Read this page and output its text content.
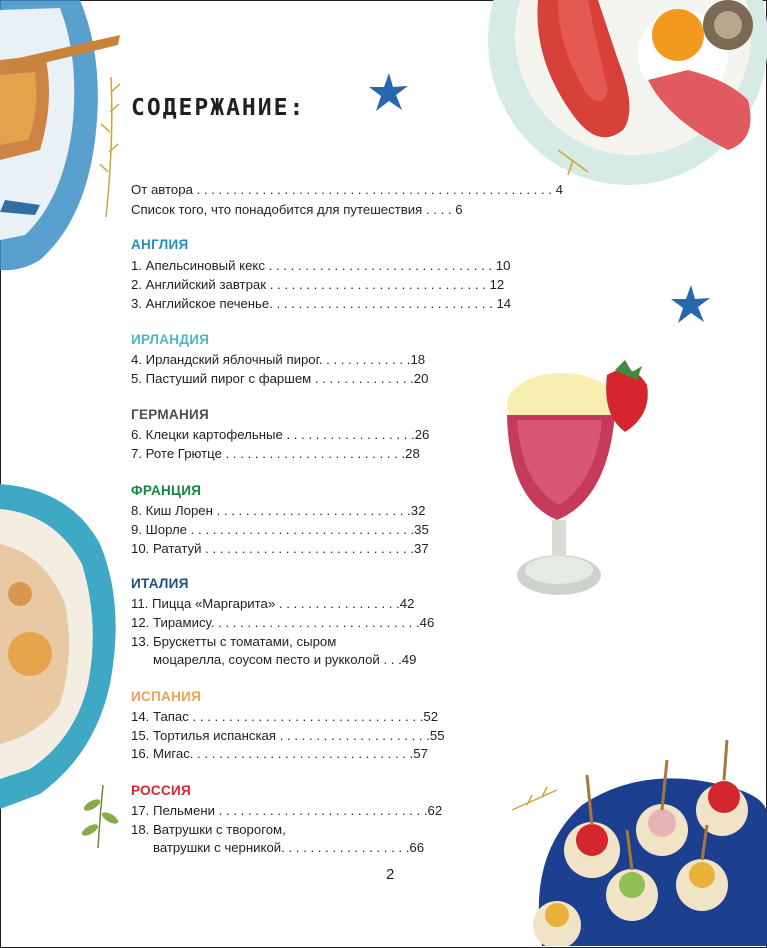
СОДЕРЖАНИЕ:
От автора . . . . . . . . . . . . . . . . . . . . . . . . . . . . . . . . . . . . . . . . . . . . . . . . . 4
Список того, что понадобится для путешествия . . . . 6
АНГЛИЯ
1. Апельсиновый кекс . . . . . . . . . . . . . . . . . . . . . . . . . . . . . . . 10
2. Английский завтрак . . . . . . . . . . . . . . . . . . . . . . . . . . . . . . 12
3. Английское печенье. . . . . . . . . . . . . . . . . . . . . . . . . . . . . . . 14
ИРЛАНДИЯ
4. Ирландский яблочный пирог. . . . . . . . . . . . .18
5. Пастуший пирог с фаршем . . . . . . . . . . . . . .20
ГЕРМАНИЯ
6. Клецки картофельные . . . . . . . . . . . . . . . . . .26
7. Роте Грютце . . . . . . . . . . . . . . . . . . . . . . . . .28
ФРАНЦИЯ
8. Киш Лорен . . . . . . . . . . . . . . . . . . . . . . . . . . .32
9. Шорле . . . . . . . . . . . . . . . . . . . . . . . . . . . . . . .35
10. Рататуй . . . . . . . . . . . . . . . . . . . . . . . . . . . . .37
ИТАЛИЯ
11. Пицца «Маргарита» . . . . . . . . . . . . . . . . .42
12. Тирамису. . . . . . . . . . . . . . . . . . . . . . . . . . . . .46
13. Брускетты с томатами, сыром
моцарелла, соусом песто и рукколой . . .49
ИСПАНИЯ
14. Тапас . . . . . . . . . . . . . . . . . . . . . . . . . . . . . . . .52
15. Тортилья испанская . . . . . . . . . . . . . . . . . . . . .55
16. Мигас. . . . . . . . . . . . . . . . . . . . . . . . . . . . . . .57
РОССИЯ
17. Пельмени . . . . . . . . . . . . . . . . . . . . . . . . . . . . .62
18. Ватрушки с творогом,
ватрушки с черникой. . . . . . . . . . . . . . . . . .66
2
